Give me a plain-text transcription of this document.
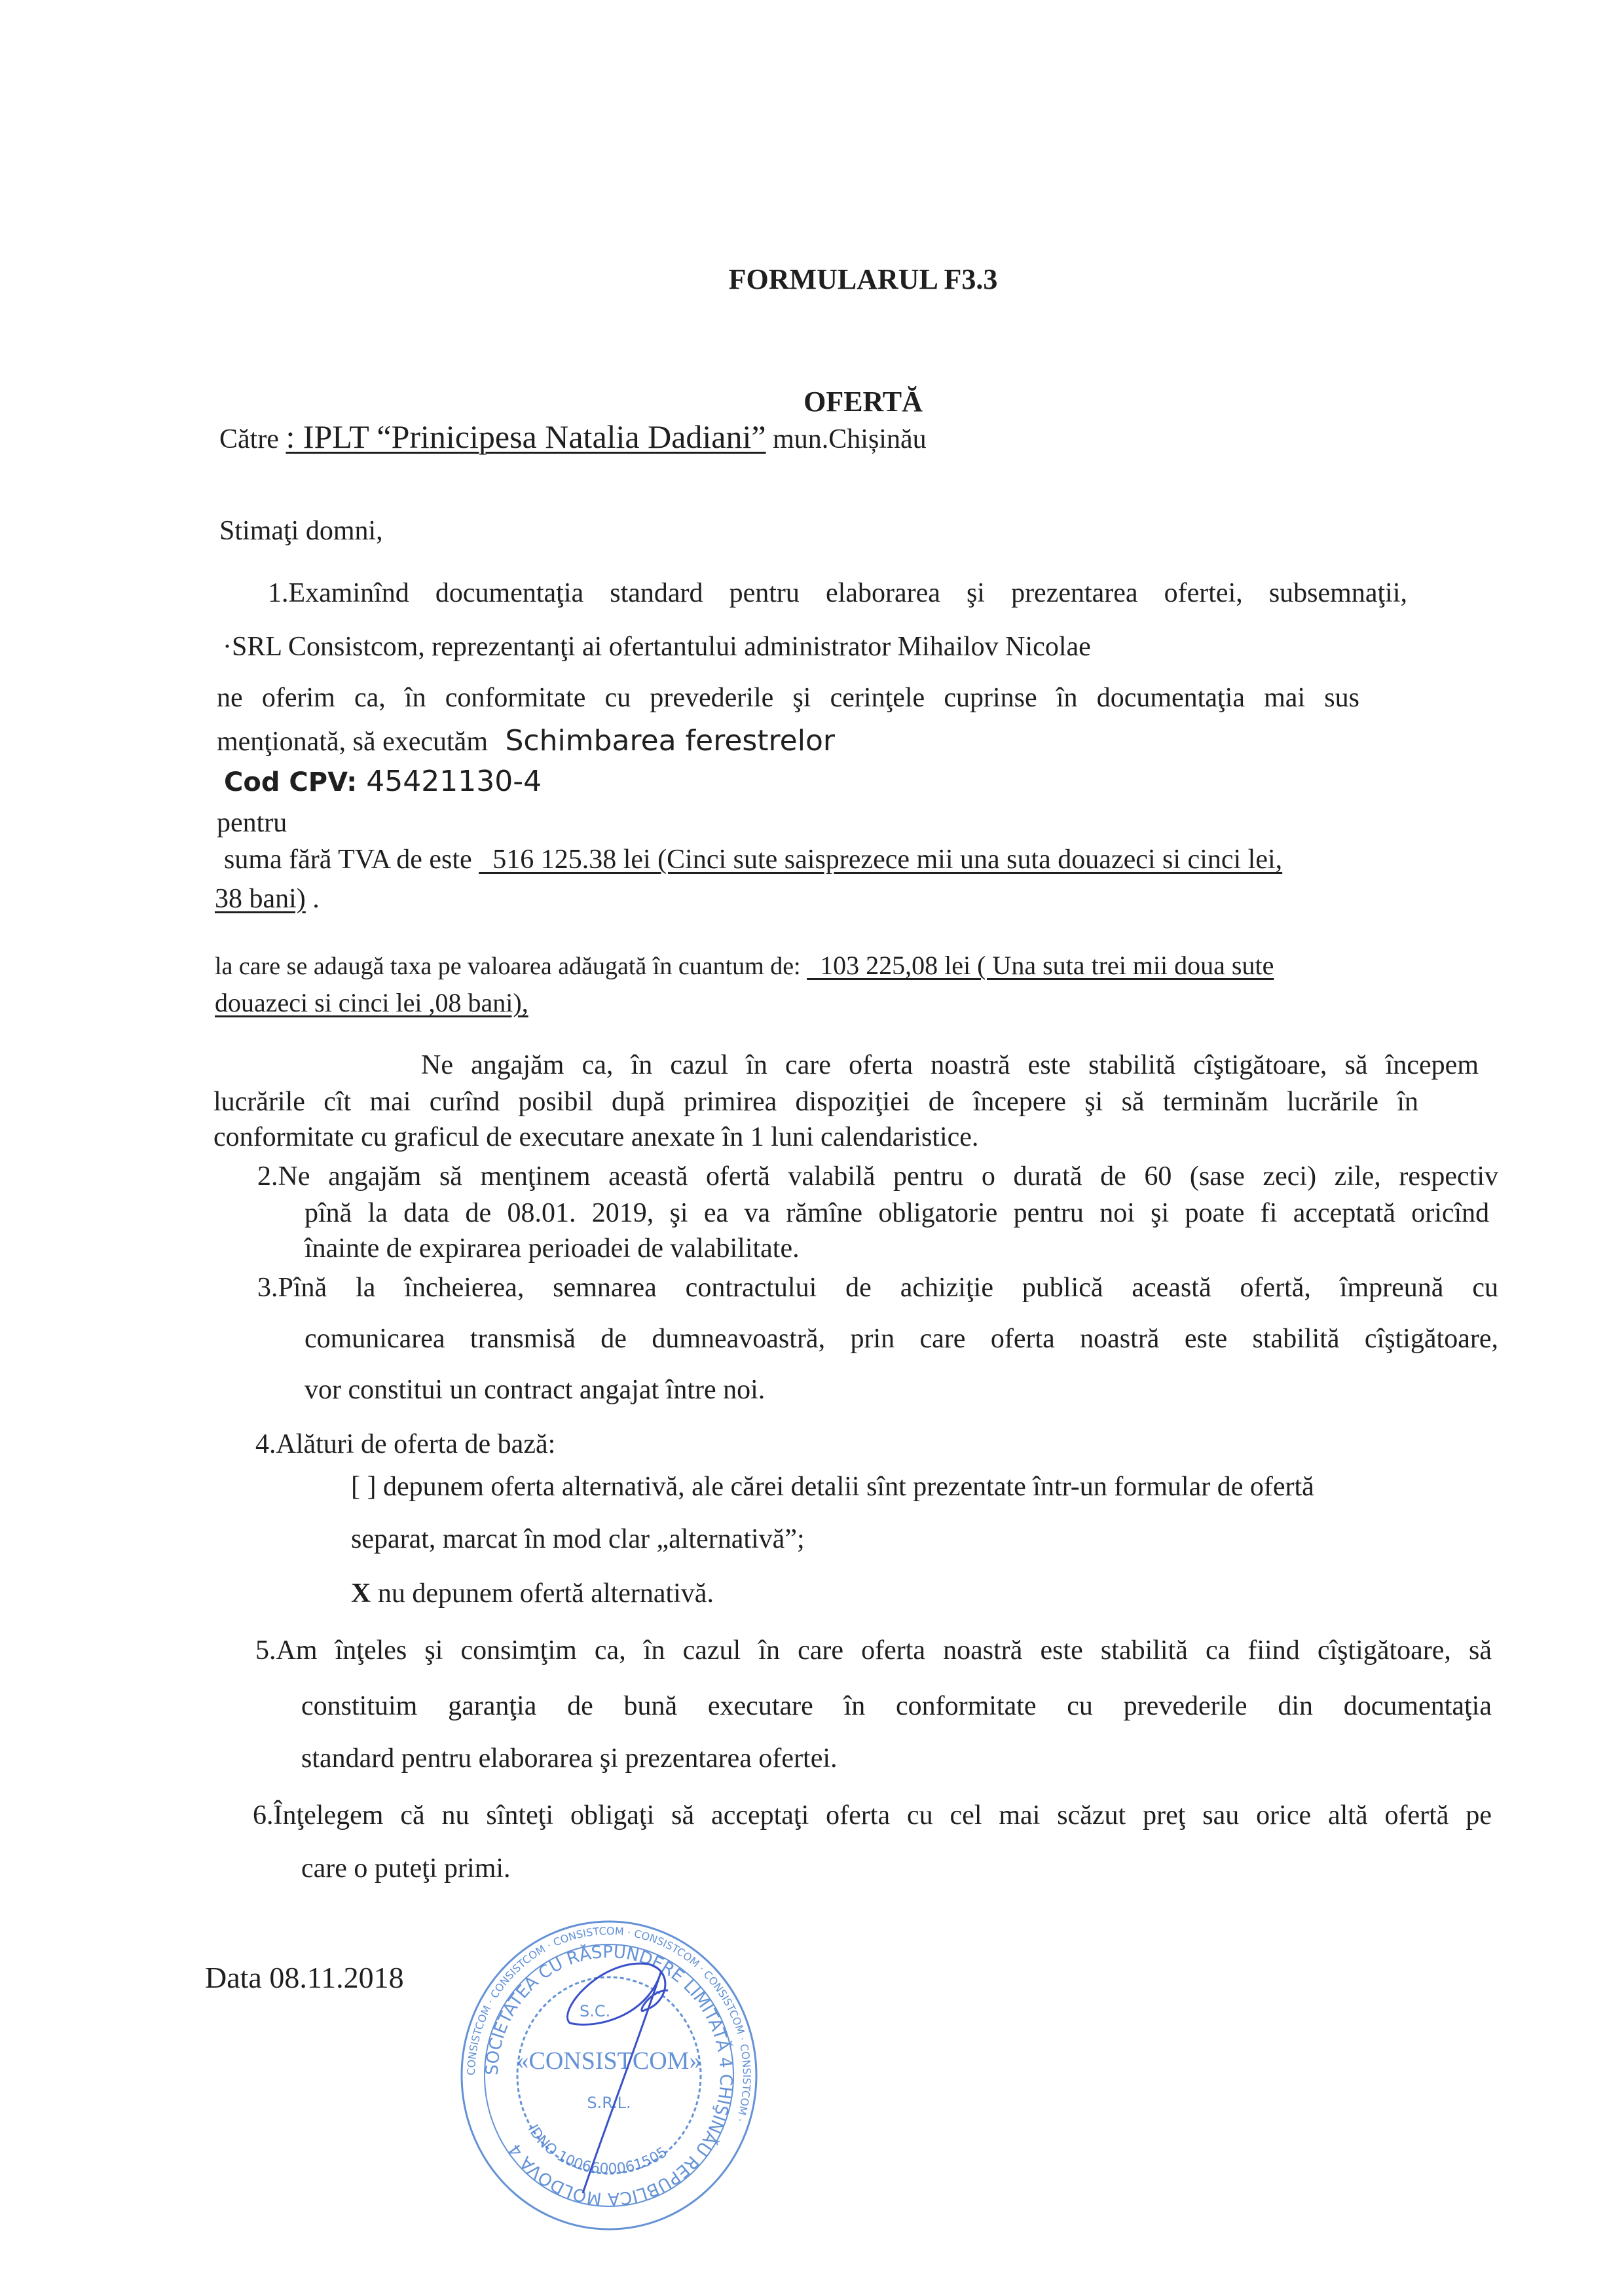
FORMULARUL F3.3
OFERTĂ
Către : IPLT “Prinicipesa Natalia Dadiani” mun.Chișinău
Stimaţi domni,
1.Examinînd documentaţia standard pentru elaborarea şi prezentarea ofertei, subsemnaţii,
·SRL Consistcom, reprezentanţi ai ofertantului administrator Mihailov Nicolae
ne oferim ca, în conformitate cu prevederile şi cerinţele cuprinse în documentaţia mai sus
menţionată, să executăm Schimbarea ferestrelor
Cod CPV: 45421130-4
pentru
suma fără TVA de este   516 125.38 lei (Cinci sute saisprezece mii una suta douazeci si cinci lei,
38 bani) .
la care se adaugă taxa pe valoarea adăugată în cuantum de:   103 225,08 lei ( Una suta trei mii doua sute
douazeci si cinci lei ,08 bani),
Ne angajăm ca, în cazul în care oferta noastră este stabilită cîştigătoare, să începem
lucrările cît mai curînd posibil după primirea dispoziţiei de începere şi să terminăm lucrările în
conformitate cu graficul de executare anexate în 1 luni calendaristice.
2.Ne angajăm să menţinem această ofertă valabilă pentru o durată de 60 (sase zeci) zile, respectiv
pînă la data de 08.01. 2019, şi ea va rămîne obligatorie pentru noi şi poate fi acceptată oricînd
înainte de expirarea perioadei de valabilitate.
3.Pînă la încheierea, semnarea contractului de achiziţie publică această ofertă, împreună cu
comunicarea transmisă de dumneavoastră, prin care oferta noastră este stabilită cîştigătoare,
vor constitui un contract angajat între noi.
4.Alături de oferta de bază:
[ ] depunem oferta alternativă, ale cărei detalii sînt prezentate într-un formular de ofertă
separat, marcat în mod clar „alternativă”;
X nu depunem ofertă alternativă.
5.Am înţeles şi consimţim ca, în cazul în care oferta noastră este stabilită ca fiind cîştigătoare, să
constituim garanţia de bună executare în conformitate cu prevederile din documentaţia
standard pentru elaborarea şi prezentarea ofertei.
6.Înţelegem că nu sînteţi obligaţi să acceptaţi oferta cu cel mai scăzut preţ sau orice altă ofertă pe
care o puteţi primi.
Data 08.11.2018
CONSISTCOM · CONSISTCOM · CONSISTCOM · CONSISTCOM · CONSISTCOM · CONSISTCOM ·
SOCIETATEA CU RĂSPUNDERE LIMITATĂ 4 CHIŞINĂU REPUBLICA MOLDOVA 4
S.C.
«CONSISTCOM»
S.R.L.
IDNO 1006600061505
